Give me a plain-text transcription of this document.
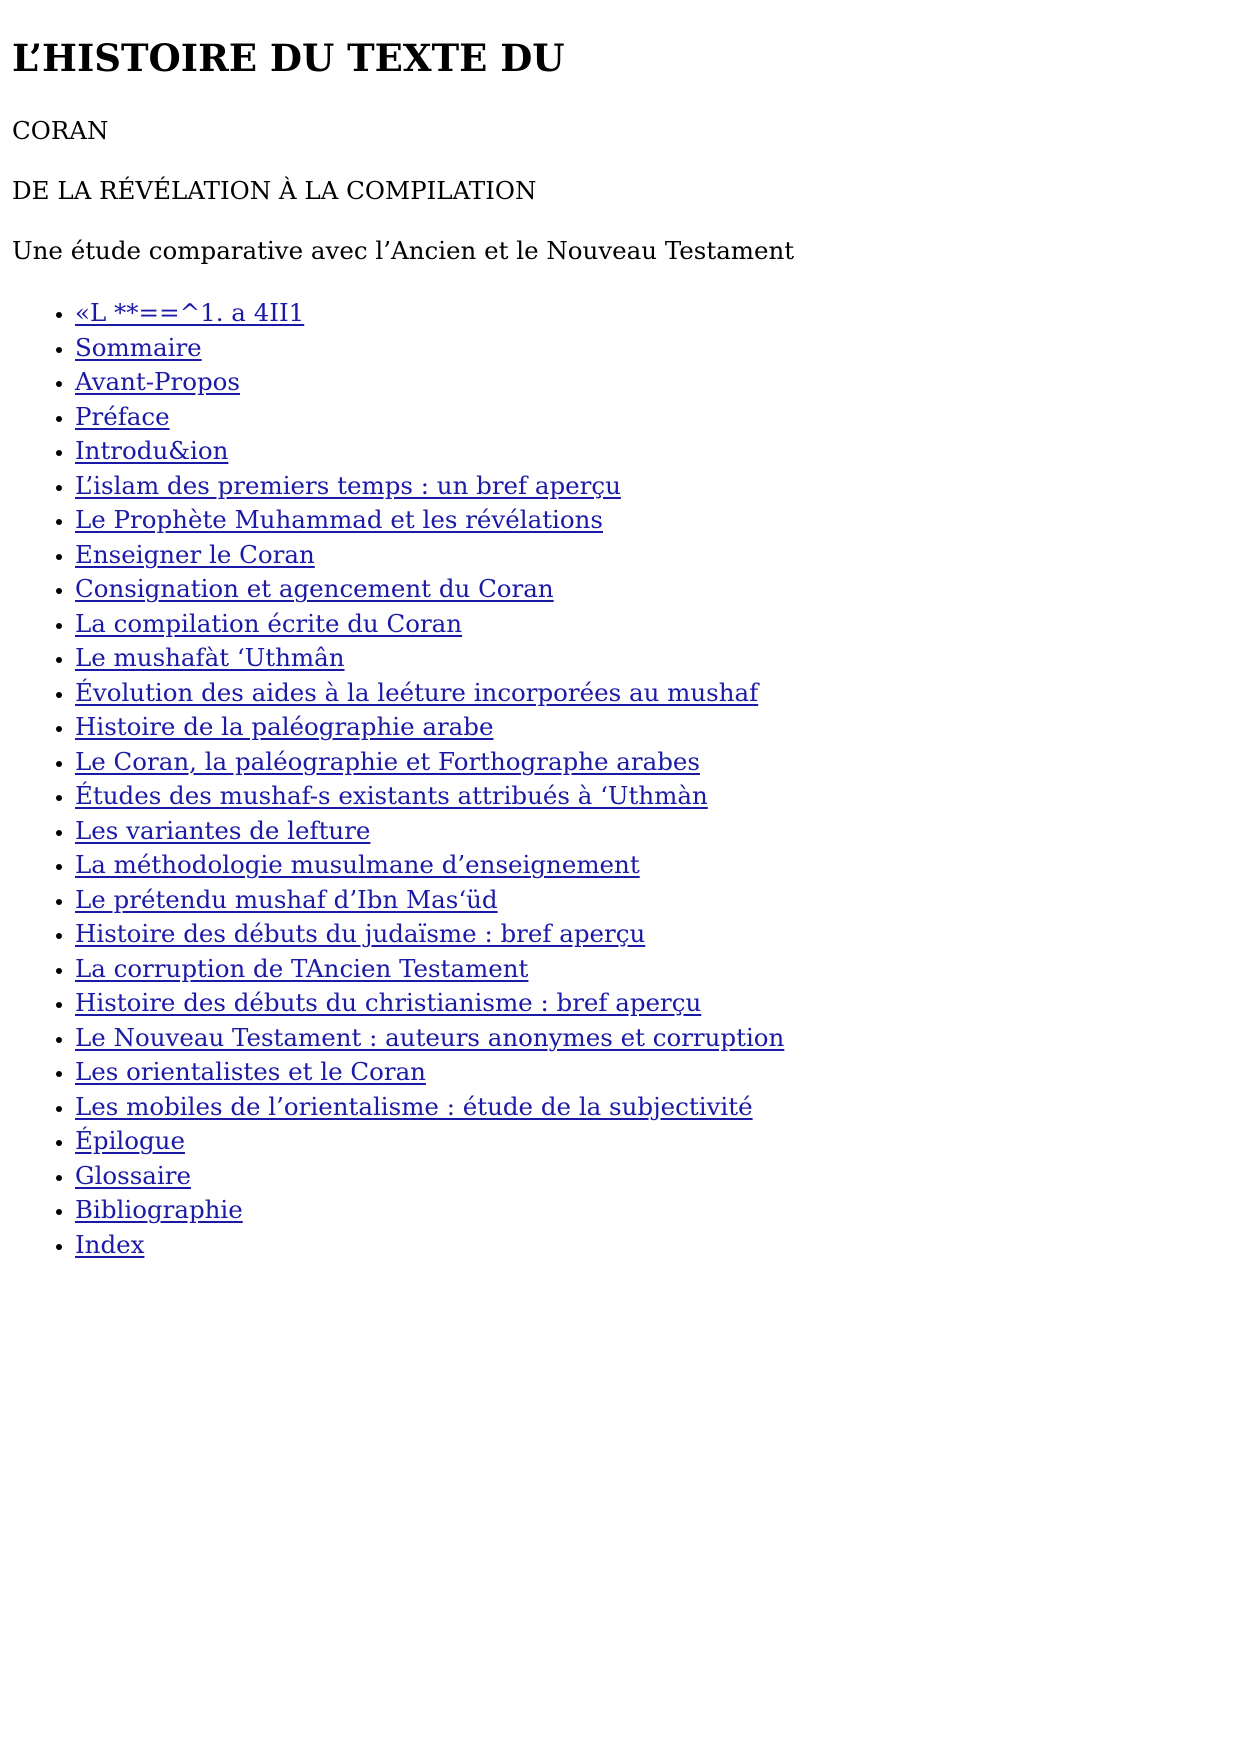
L’HISTOIRE DU TEXTE DU

CORAN

DE LA RÉVÉLATION À LA COMPILATION

Une étude comparative avec l’Ancien et le Nouveau Testament

• «L **==^1. a 4II1
• Sommaire
• Avant-Propos
• Préface
• Introdu&ion
• L’islam des premiers temps : un bref aperçu
• Le Prophète Muhammad et les révélations
• Enseigner le Coran
• Consignation et agencement du Coran
• La compilation écrite du Coran
• Le mushafàt ‘Uthmân
• Évolution des aides à la leéture incorporées au mushaf
• Histoire de la paléographie arabe
• Le Coran, la paléographie et Forthographe arabes
• Études des mushaf-s existants attribués à ‘Uthmàn
• Les variantes de lefture
• La méthodologie musulmane d’enseignement
• Le prétendu mushaf d’Ibn Mas‘üd
• Histoire des débuts du judaïsme : bref aperçu
• La corruption de TAncien Testament
• Histoire des débuts du christianisme : bref aperçu
• Le Nouveau Testament : auteurs anonymes et corruption
• Les orientalistes et le Coran
• Les mobiles de l’orientalisme : étude de la subjectivité
• Épilogue
• Glossaire
• Bibliographie
• Index
